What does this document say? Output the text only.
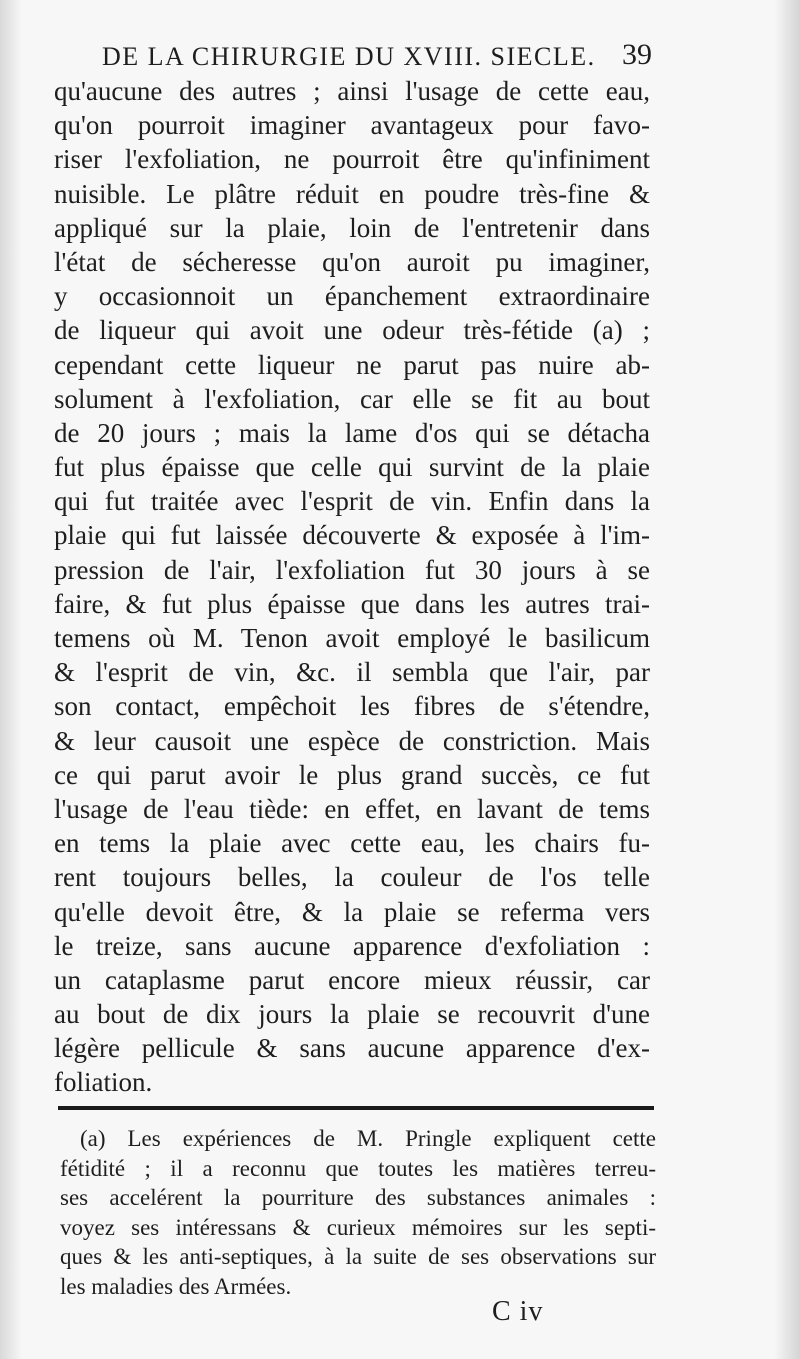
DE LA CHIRURGIE DU XVIII. SIECLE. 39
qu'aucune des autres ; ainsi l'usage de cette eau,
qu'on pourroit imaginer avantageux pour favo-
riser l'exfoliation, ne pourroit être qu'infiniment
nuisible. Le plâtre réduit en poudre très-fine &
appliqué sur la plaie, loin de l'entretenir dans
l'état de sécheresse qu'on auroit pu imaginer,
y occasionnoit un épanchement extraordinaire
de liqueur qui avoit une odeur très-fétide (a) ;
cependant cette liqueur ne parut pas nuire ab-
solument à l'exfoliation, car elle se fit au bout
de 20 jours ; mais la lame d'os qui se détacha
fut plus épaisse que celle qui survint de la plaie
qui fut traitée avec l'esprit de vin. Enfin dans la
plaie qui fut laissée découverte & exposée à l'im-
pression de l'air, l'exfoliation fut 30 jours à se
faire, & fut plus épaisse que dans les autres trai-
temens où M. Tenon avoit employé le basilicum
& l'esprit de vin, &c. il sembla que l'air, par
son contact, empêchoit les fibres de s'étendre,
& leur causoit une espèce de constriction. Mais
ce qui parut avoir le plus grand succès, ce fut
l'usage de l'eau tiède: en effet, en lavant de tems
en tems la plaie avec cette eau, les chairs fu-
rent toujours belles, la couleur de l'os telle
qu'elle devoit être, & la plaie se referma vers
le treize, sans aucune apparence d'exfoliation :
un cataplasme parut encore mieux réussir, car
au bout de dix jours la plaie se recouvrit d'une
légère pellicule & sans aucune apparence d'ex-
foliation.
(a) Les expériences de M. Pringle expliquent cette
fétidité ; il a reconnu que toutes les matières terreu-
ses accelérent la pourriture des substances animales :
voyez ses intéressans & curieux mémoires sur les septi-
ques & les anti-septiques, à la suite de ses observations sur
les maladies des Armées.
C iv
